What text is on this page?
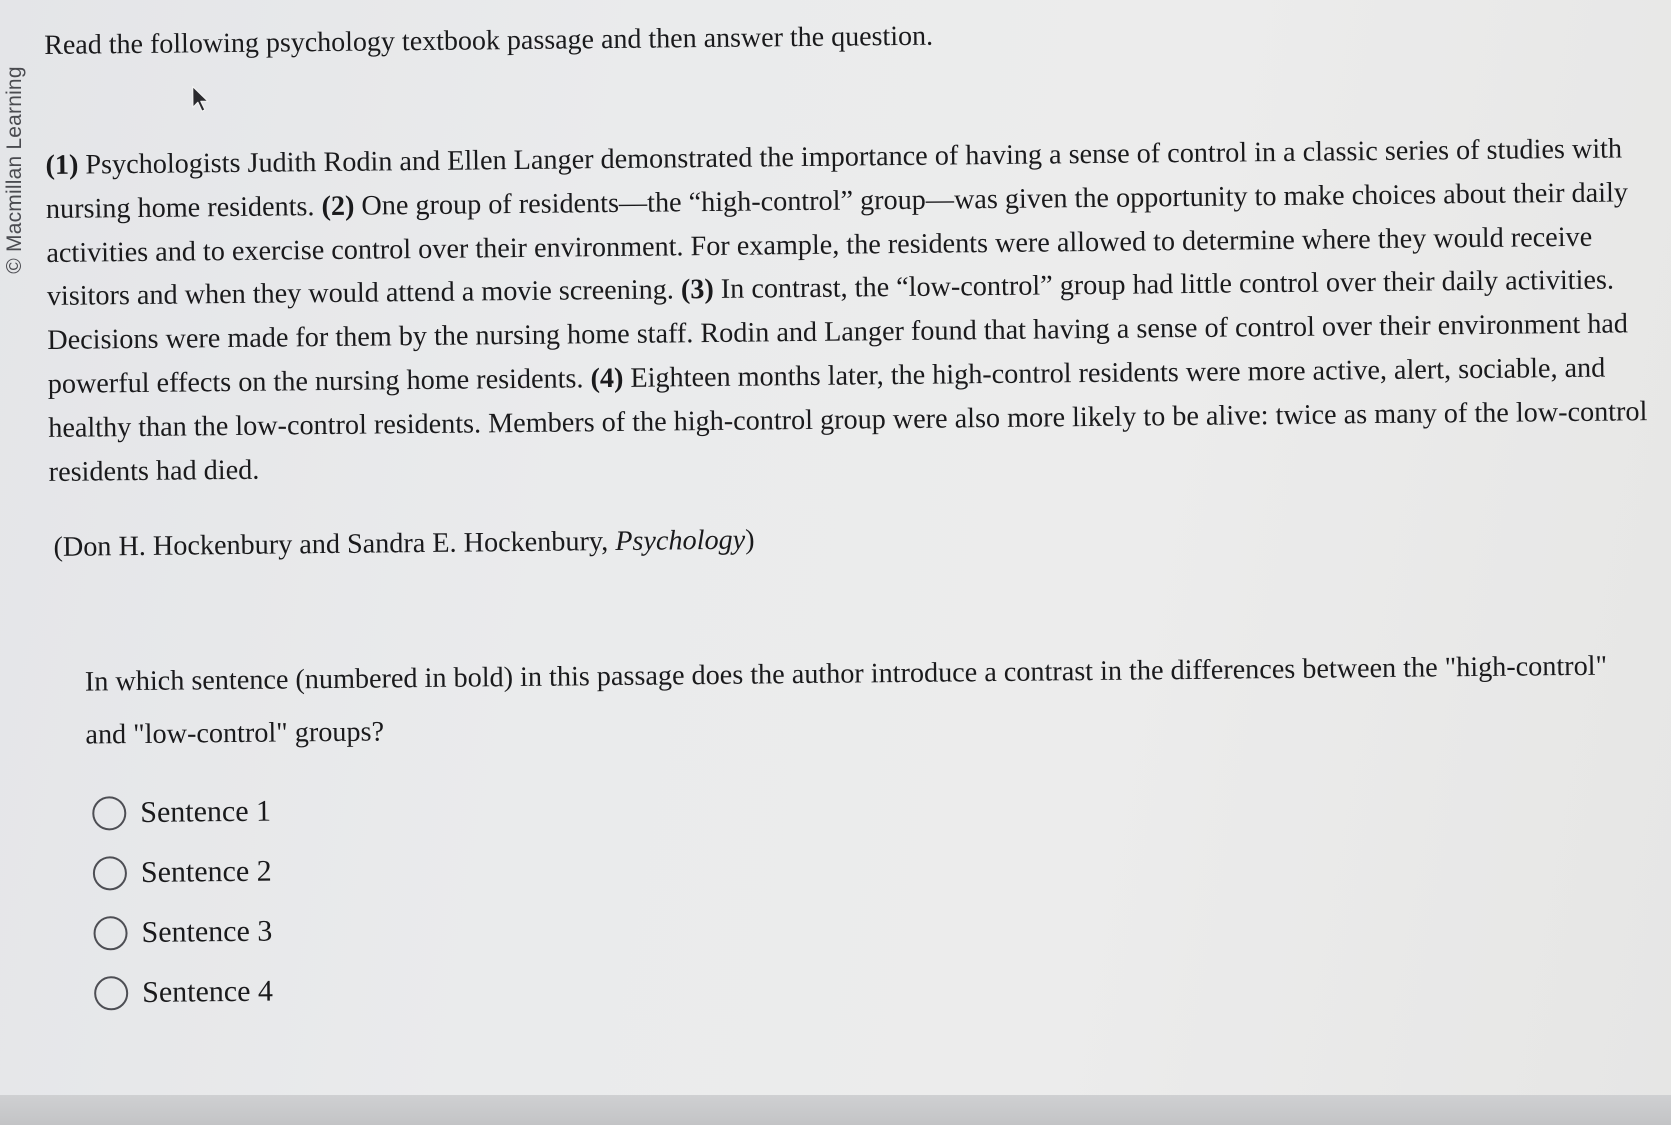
© Macmillan Learning

Read the following psychology textbook passage and then answer the question.

(1) Psychologists Judith Rodin and Ellen Langer demonstrated the importance of having a sense of control in a classic series of studies with nursing home residents. (2) One group of residents—the “high-control” group—was given the opportunity to make choices about their daily activities and to exercise control over their environment. For example, the residents were allowed to determine where they would receive visitors and when they would attend a movie screening. (3) In contrast, the “low-control” group had little control over their daily activities. Decisions were made for them by the nursing home staff. Rodin and Langer found that having a sense of control over their environment had powerful effects on the nursing home residents. (4) Eighteen months later, the high-control residents were more active, alert, sociable, and healthy than the low-control residents. Members of the high-control group were also more likely to be alive: twice as many of the low-control residents had died.

(Don H. Hockenbury and Sandra E. Hockenbury, Psychology)

In which sentence (numbered in bold) in this passage does the author introduce a contrast in the differences between the "high-control" and "low-control" groups?

Sentence 1
Sentence 2
Sentence 3
Sentence 4
